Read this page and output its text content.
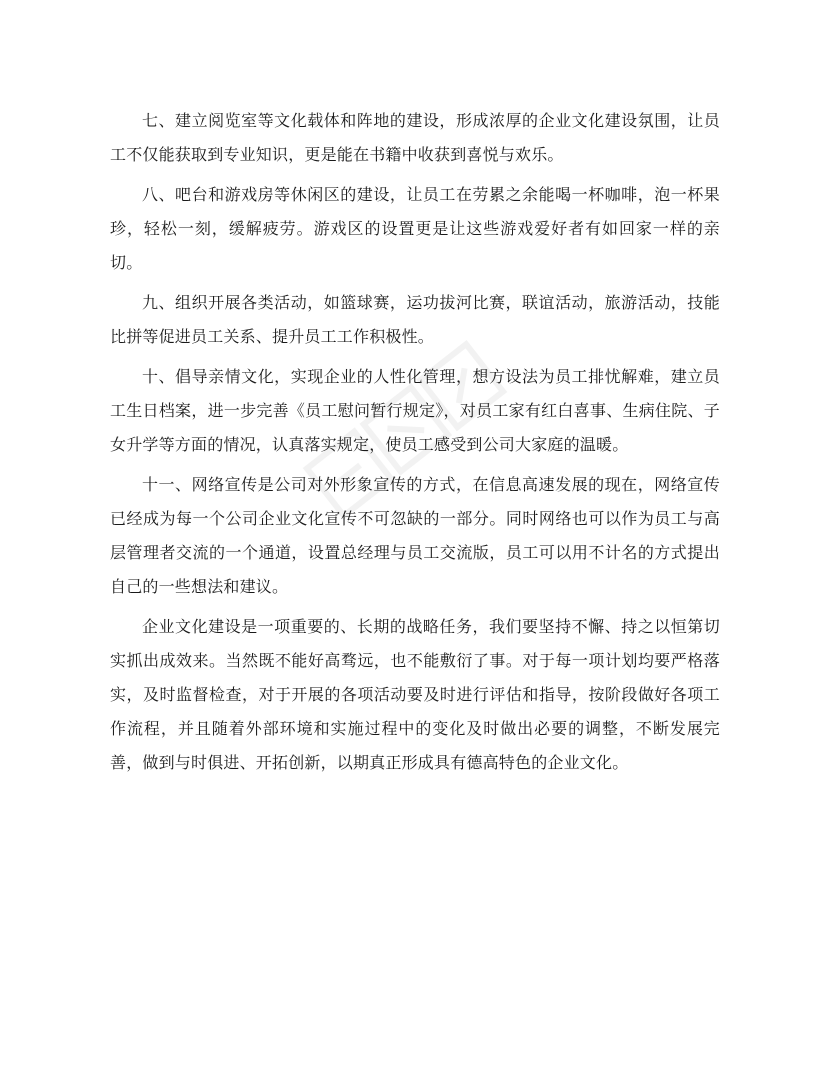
七、建立阅览室等文化载体和阵地的建设，形成浓厚的企业文化建设氛围，让员工不仅能获取到专业知识，更是能在书籍中收获到喜悦与欢乐。

八、吧台和游戏房等休闲区的建设，让员工在劳累之余能喝一杯咖啡，泡一杯果珍，轻松一刻，缓解疲劳。游戏区的设置更是让这些游戏爱好者有如回家一样的亲切。

九、组织开展各类活动，如篮球赛，运功拔河比赛，联谊活动，旅游活动，技能比拼等促进员工关系、提升员工工作积极性。

十、倡导亲情文化，实现企业的人性化管理，想方设法为员工排忧解难，建立员工生日档案，进一步完善《员工慰问暂行规定》，对员工家有红白喜事、生病住院、子女升学等方面的情况，认真落实规定，使员工感受到公司大家庭的温暖。

十一、网络宣传是公司对外形象宣传的方式，在信息高速发展的现在，网络宣传已经成为每一个公司企业文化宣传不可忽缺的一部分。同时网络也可以作为员工与高层管理者交流的一个通道，设置总经理与员工交流版，员工可以用不计名的方式提出自己的一些想法和建议。

企业文化建设是一项重要的、长期的战略任务，我们要坚持不懈、持之以恒第切实抓出成效来。当然既不能好高骛远，也不能敷衍了事。对于每一项计划均要严格落实，及时监督检查，对于开展的各项活动要及时进行评估和指导，按阶段做好各项工作流程，并且随着外部环境和实施过程中的变化及时做出必要的调整，不断发展完善，做到与时俱进、开拓创新，以期真正形成具有德高特色的企业文化。
